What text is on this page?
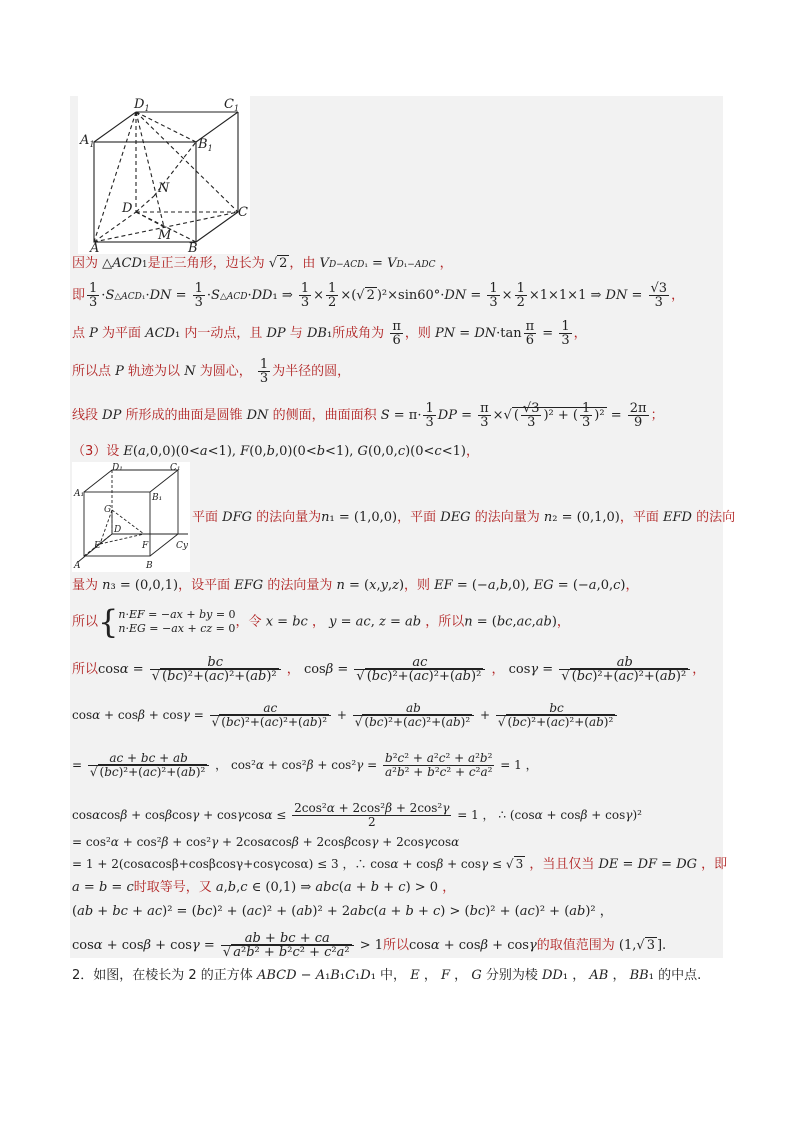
$D_1$	$C_1$
$A_1$	$B_1$
N
D	C
M
A	B
因为 △ACD1是正三角形，边长为 √ 2 ，由 VD−ACD₁ = VD₁−ADC ，
即 $\frac{1}{3}$ ·S△ACD₁·DN = $\frac{1}{3}$ ·S△ACD·DD₁ ⇒ $\frac{1}{3} \times \frac{1}{2}$ ×(√ 2 )$^2\times\sin 60^\circ\cdot DN = \frac{1}{3} \times \frac{1}{2} \times 1\times 1\times 1$ ⇒ DN = $\frac{√3}{3}$ ，
点 P 为平面 ACD₁ 内一动点，且 DP 与 DB₁所成角为 $\frac{\pi}{6}$ ，则 PN = $DN\cdot\tan \frac{\pi}{6} = \frac{1}{3}$ ，
所以点 P 轨迹为以 N 为圆心， $\frac{1}{3}$ 为半径的圆，
线段 DP 所形成的曲面是圆锥 DN 的侧面，曲面面积 $S = \pi\cdot \frac{1}{3}$ DP = $\frac{\pi}{3}$ ×√ ( $\frac{√3}{3} )^2$ + ( $\frac{1}{3} )^2 = \frac{2\pi}{9}$ ；
（3）设 E(a,0,0)(0<a<1), F(0,b,0)(0<b<1), G(0,0,c)(0<c<1)，
D₁	C₁
A₁	B₁
G
D
E	F	Cy
A	B
平面 DFG 的法向量为n₁ = (1,0,0)，平面 DEG 的法向量为 n₂ = (0,1,0)，平面 EFD 的法向
量为 n₃ = (0,0,1)，设平面 EFG 的法向量为 n = (x,y,z)，则 EF = (−a,b,0), EG = (−a,0,c)，
所以{ n·EF = −ax + by = 0
n·EG = −ax + cz = 0 ，令 x = bc ， y = ac, z = ab ，所以n = (bc,ac,ab)，
所以$\cos\alpha = \frac{bc}{\text{√ (bc)²+(ac)²+(ab)²}}$ ， $\cos\beta = \frac{ac}{\text{√ (bc)²+(ac)²+(ab)²}}$ ， $\cos\gamma = \frac{ab}{\text{√ (bc)²+(ac)²+(ab)²}}$ ，
$\cos\alpha + \cos\beta + \cos\gamma = \frac{ac}{\text{√ (bc)²+(ac)²+(ab)²}} + \frac{ab}{\text{√ (bc)²+(ac)²+(ab)²}} + \frac{bc}{\text{√ (bc)²+(ac)²+(ab)²}}$
= $\frac{ac + bc + ab}{\text{√ (bc)²+(ac)²+(ab)²}}$ ， $\cos^2\alpha + \cos^2\beta + \cos^2\gamma = \frac{\text{b²c² + a²c² + a²b²}}{\text{a²b² + b²c² + c²a²}} = 1$ ，
$\cos\alpha\cos\beta + \cos\beta\cos\gamma + \cos\gamma\cos\alpha \le \frac{\text{2cos²α + 2cos²β + 2cos²γ}}{2} = 1$ ， ∴ (cosα + cosβ + cosγ)²
= cos²α + cos²β + cos²γ + 2cosαcosβ + 2cosβcosγ + 2cosγcosα
= 1 + 2(cosαcosβ+cosβcosγ+cosγcosα) ≤ 3 ，∴ cosα + cosβ + cosγ ≤ √ 3 ，当且仅当 DE = DF = DG ，即
a = b = c时取等号，又 a,b,c ∈ (0,1) ⇒ abc(a + b + c) > 0 ，
(ab + bc + ac)² = (bc)² + (ac)² + (ab)² + 2abc(a + b + c) > (bc)² + (ac)² + (ab)² ，
$\cos\alpha + \cos\beta + \cos\gamma = \frac{ab + bc + ca}{\text{√ a²b² + b²c² + c²a²}} > 1$所以cosα + cosβ + cosγ的取值范围为 (1,√ 3 ].
2．如图，在棱长为 2 的正方体 ABCD − A₁B₁C₁D₁ 中， E ， F ， G 分别为棱 DD₁ ， AB ， BB₁ 的中点.
